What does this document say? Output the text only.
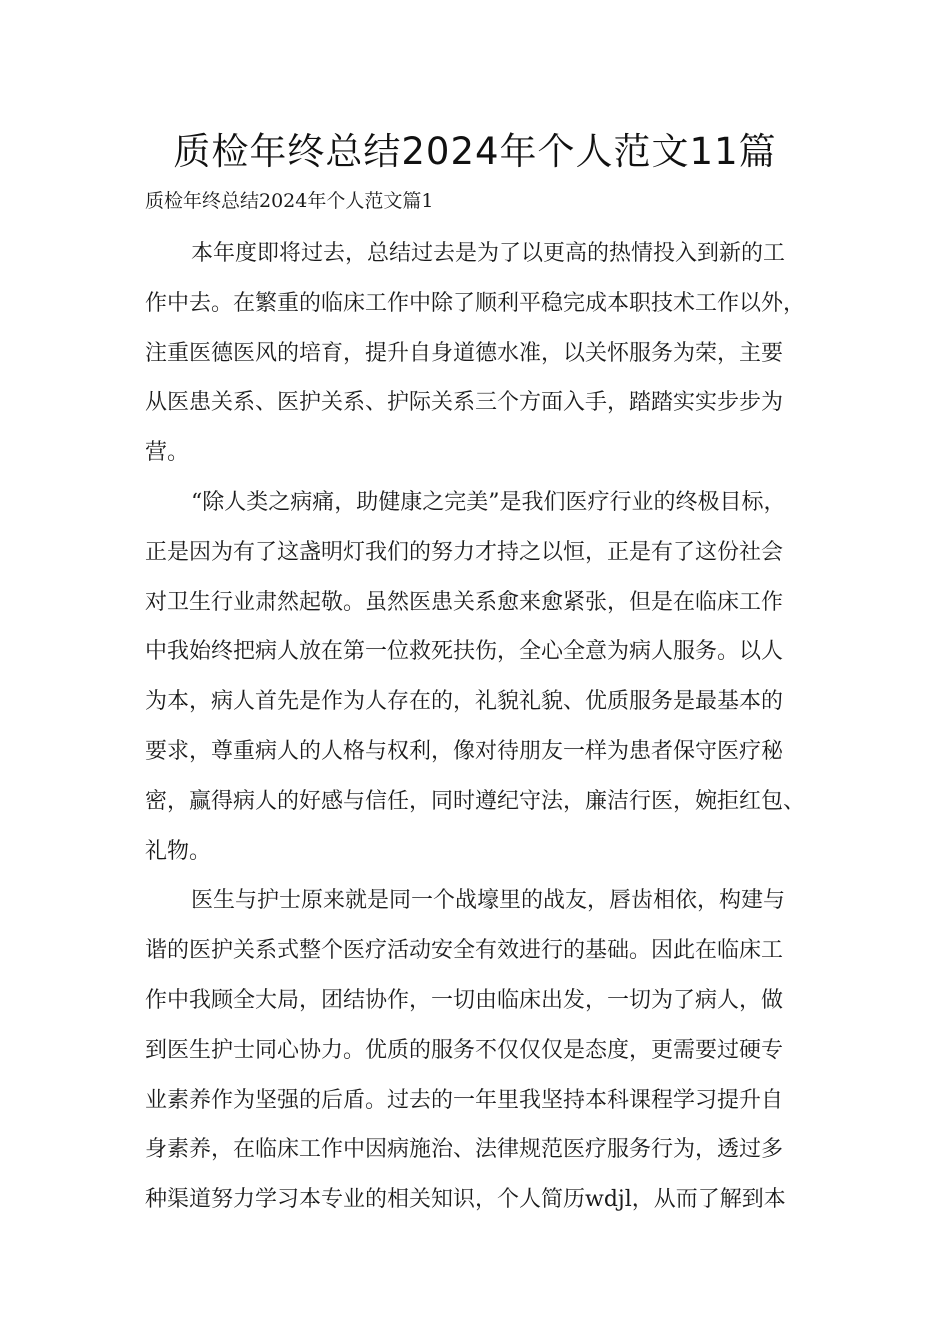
质检年终总结2024年个人范文11篇
质检年终总结2024年个人范文篇1
本年度即将过去，总结过去是为了以更高的热情投入到新的工
作中去。在繁重的临床工作中除了顺利平稳完成本职技术工作以外，
注重医德医风的培育，提升自身道德水准，以关怀服务为荣，主要
从医患关系、医护关系、护际关系三个方面入手，踏踏实实步步为
营。
“除人类之病痛，助健康之完美”是我们医疗行业的终极目标，
正是因为有了这盏明灯我们的努力才持之以恒，正是有了这份社会
对卫生行业肃然起敬。虽然医患关系愈来愈紧张，但是在临床工作
中我始终把病人放在第一位救死扶伤，全心全意为病人服务。以人
为本，病人首先是作为人存在的，礼貌礼貌、优质服务是最基本的
要求，尊重病人的人格与权利，像对待朋友一样为患者保守医疗秘
密，赢得病人的好感与信任，同时遵纪守法，廉洁行医，婉拒红包、
礼物。
医生与护士原来就是同一个战壕里的战友，唇齿相依，构建与
谐的医护关系式整个医疗活动安全有效进行的基础。因此在临床工
作中我顾全大局，团结协作，一切由临床出发，一切为了病人，做
到医生护士同心协力。优质的服务不仅仅仅是态度，更需要过硬专
业素养作为坚强的后盾。过去的一年里我坚持本科课程学习提升自
身素养，在临床工作中因病施治、法律规范医疗服务行为，透过多
种渠道努力学习本专业的相关知识，个人简历wdjl，从而了解到本
